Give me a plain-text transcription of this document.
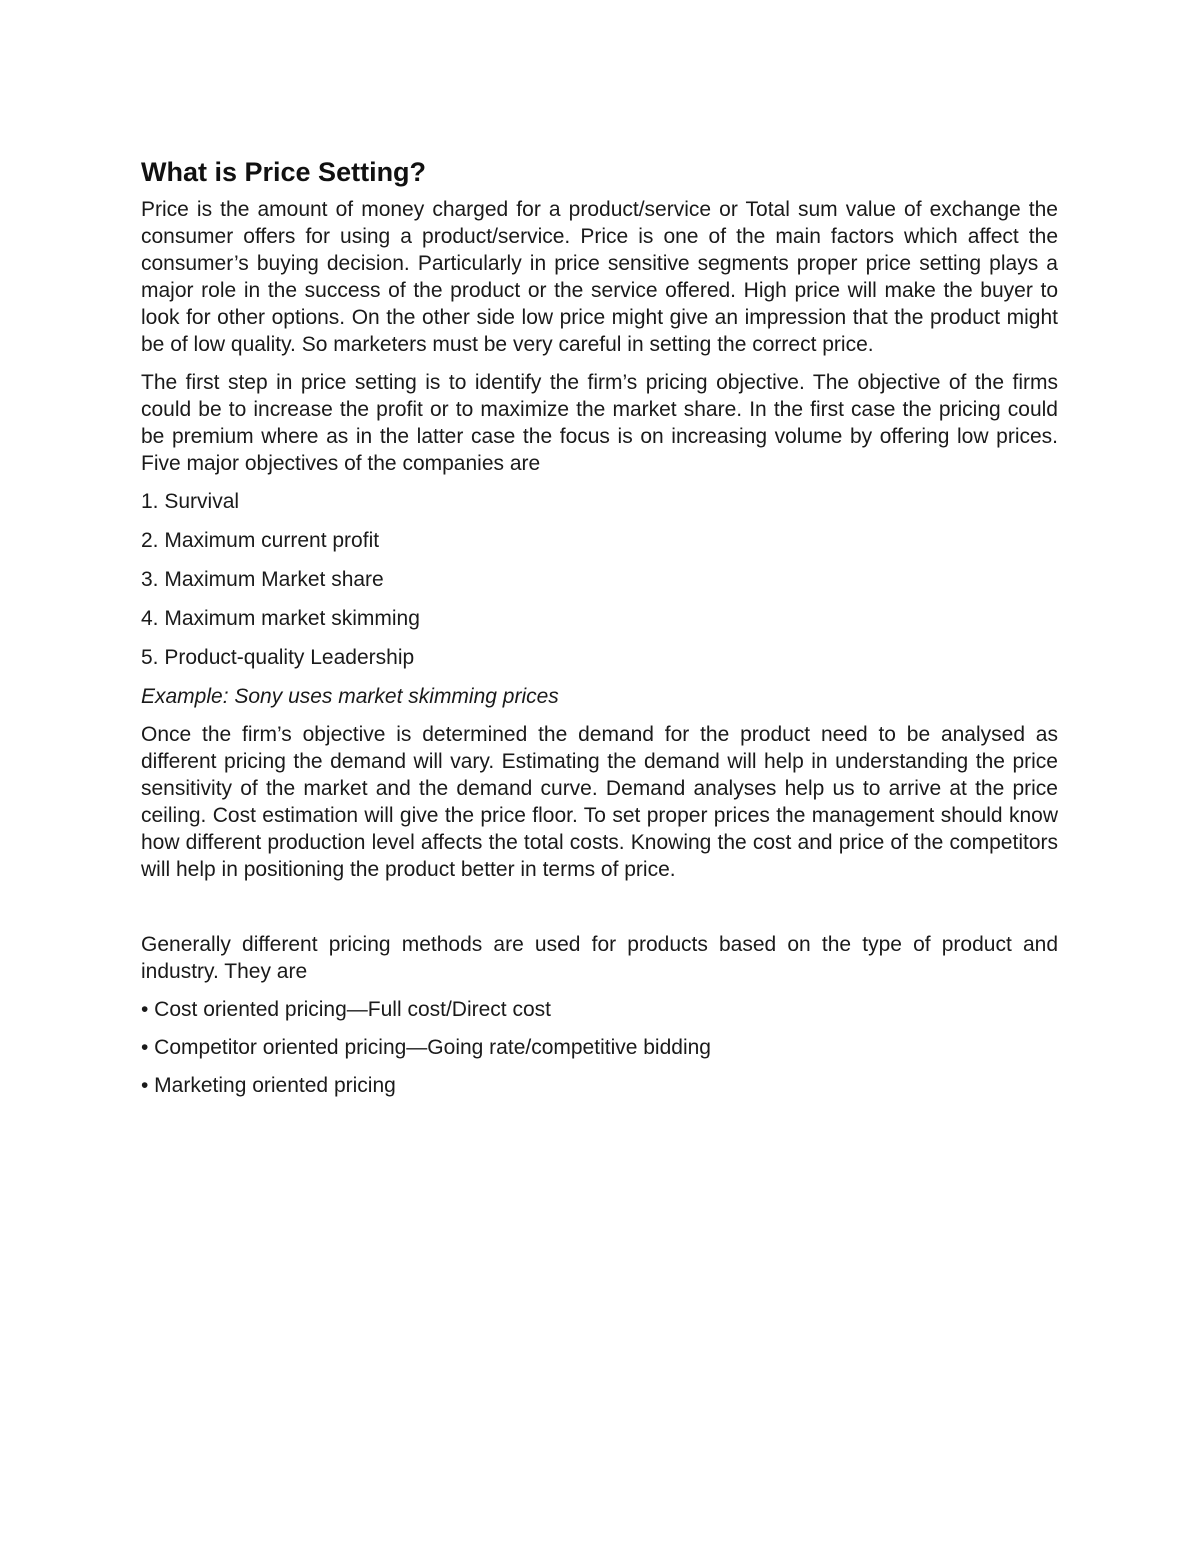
What is Price Setting?

Price is the amount of money charged for a product/service or Total sum value of exchange the consumer offers for using a product/service. Price is one of the main factors which affect the consumer’s buying decision. Particularly in price sensitive segments proper price setting plays a major role in the success of the product or the service offered. High price will make the buyer to look for other options. On the other side low price might give an impression that the product might be of low quality. So marketers must be very careful in setting the correct price.

The first step in price setting is to identify the firm’s pricing objective. The objective of the firms could be to increase the profit or to maximize the market share. In the first case the pricing could be premium where as in the latter case the focus is on increasing volume by offering low prices. Five major objectives of the companies are

1. Survival
2. Maximum current profit
3. Maximum Market share
4. Maximum market skimming
5. Product-quality Leadership

Example: Sony uses market skimming prices

Once the firm’s objective is determined the demand for the product need to be analysed as different pricing the demand will vary. Estimating the demand will help in understanding the price sensitivity of the market and the demand curve. Demand analyses help us to arrive at the price ceiling. Cost estimation will give the price floor. To set proper prices the management should know how different production level affects the total costs. Knowing the cost and price of the competitors will help in positioning the product better in terms of price.

Generally different pricing methods are used for products based on the type of product and industry. They are

• Cost oriented pricing—Full cost/Direct cost
• Competitor oriented pricing—Going rate/competitive bidding
• Marketing oriented pricing
